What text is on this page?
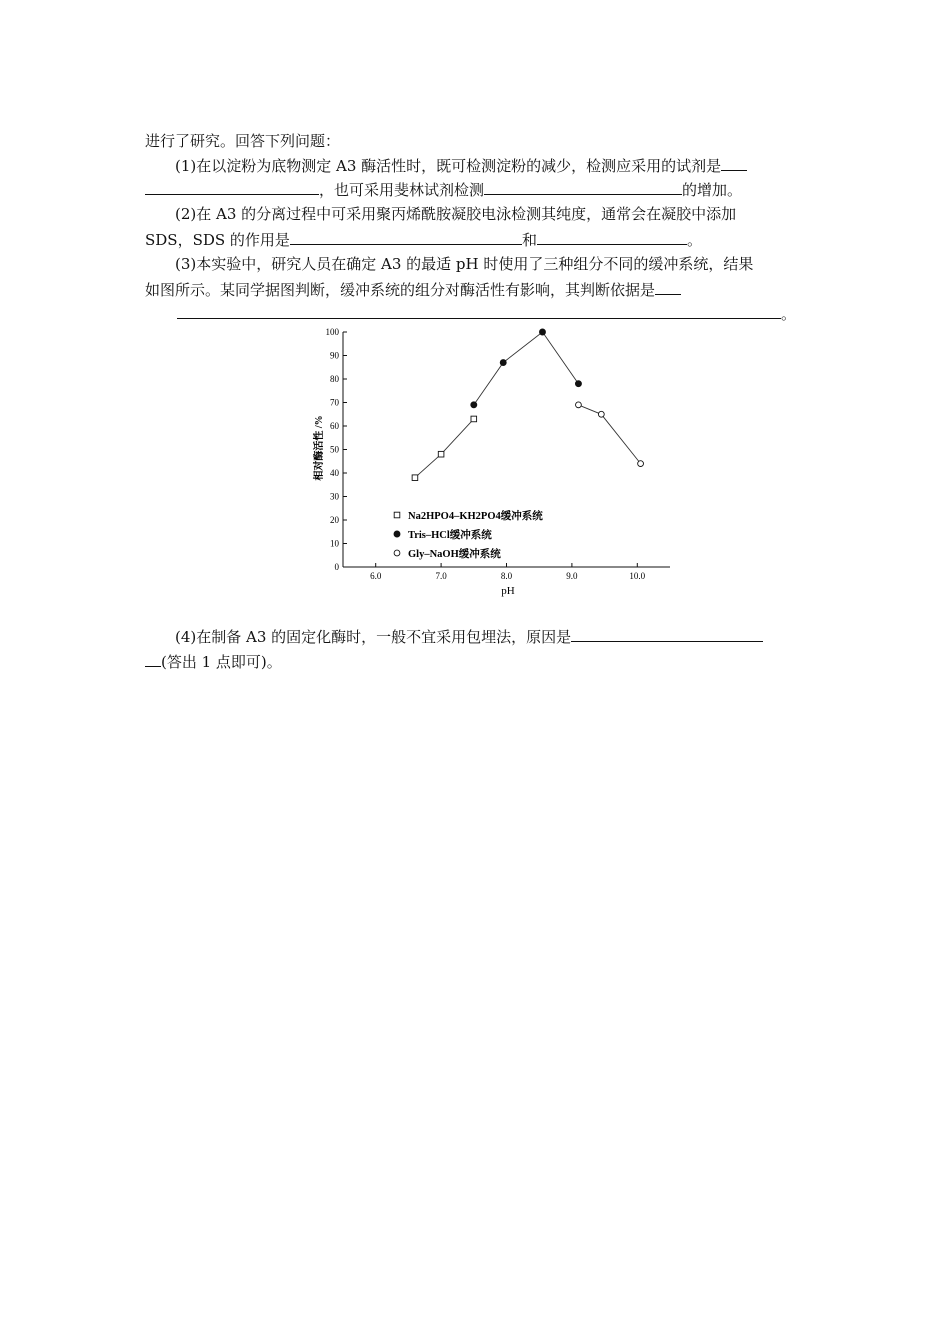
进行了研究。回答下列问题：
(1)在以淀粉为底物测定 A3 酶活性时，既可检测淀粉的减少，检测应采用的试剂是
，也可采用斐林试剂检测	的增加。
(2)在 A3 的分离过程中可采用聚丙烯酰胺凝胶电泳检测其纯度，通常会在凝胶中添加
SDS，SDS 的作用是	和	。
(3)本实验中，研究人员在确定 A3 的最适 pH 时使用了三种组分不同的缓冲系统，结果
如图所示。某同学据图判断，缓冲系统的组分对酶活性有影响，其判断依据是
。
0
10
20
30
40
50
60
70
80
90
100
6.0	7.0	8.0	9.0	10.0
相对酶活性 /%
pH
Na2HPO4–KH2PO4缓冲系统
Tris–HCl缓冲系统
Gly–NaOH缓冲系统
(4)在制备 A3 的固定化酶时，一般不宜采用包埋法，原因是
(答出 1 点即可)。
